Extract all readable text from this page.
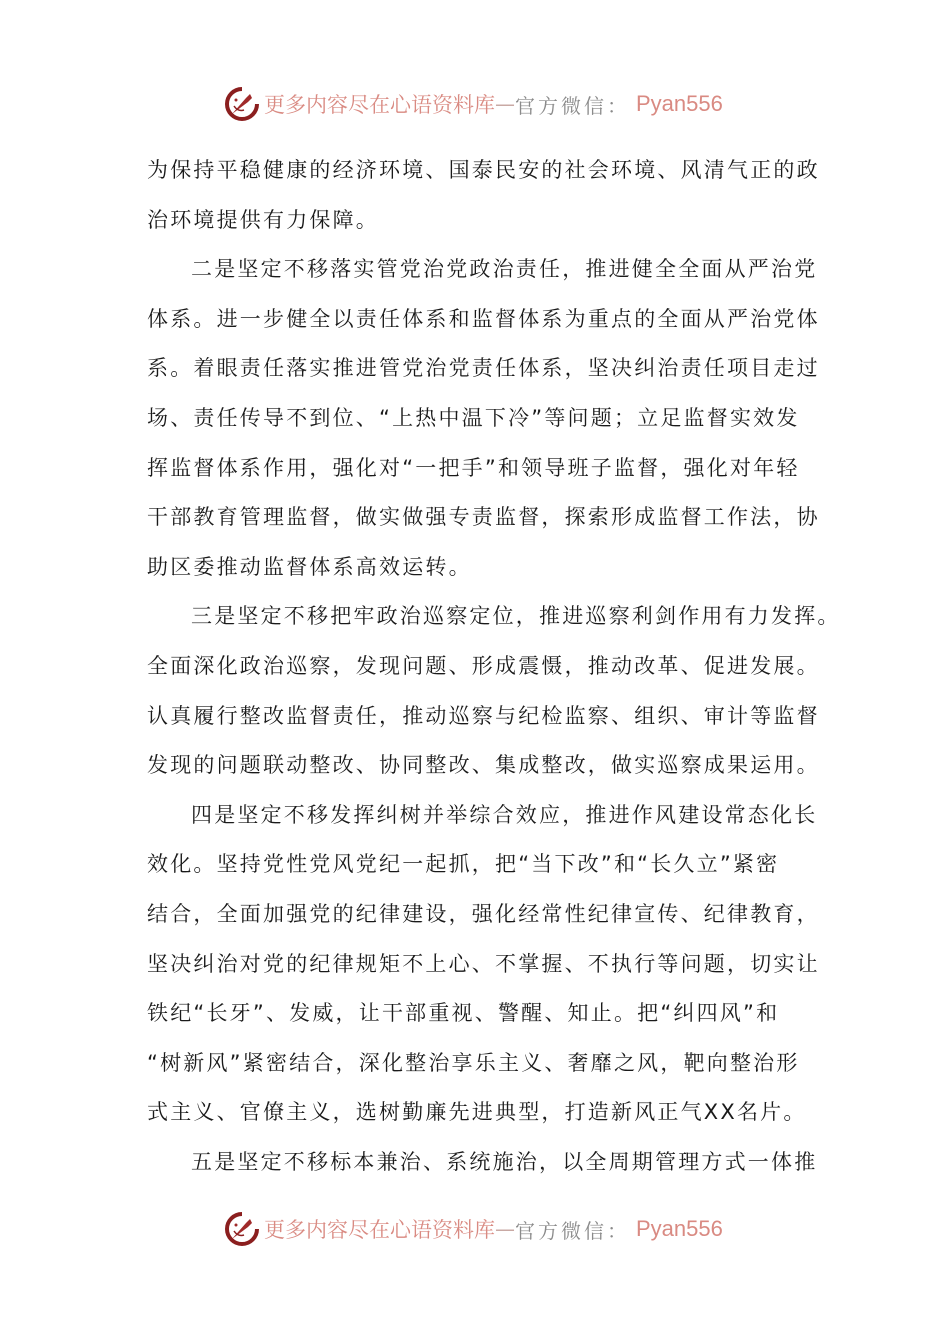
更多内容尽在心语资料库 — 官方微信： Pyan556
为保持平稳健康的经济环境、国泰民安的社会环境、风清气正的政
治环境提供有力保障。
二是坚定不移落实管党治党政治责任，推进健全全面从严治党
体系。进一步健全以责任体系和监督体系为重点的全面从严治党体
系。着眼责任落实推进管党治党责任体系，坚决纠治责任项目走过
场、责任传导不到位、“上热中温下冷”等问题；立足监督实效发
挥监督体系作用，强化对“一把手”和领导班子监督，强化对年轻
干部教育管理监督，做实做强专责监督，探索形成监督工作法，协
助区委推动监督体系高效运转。
三是坚定不移把牢政治巡察定位，推进巡察利剑作用有力发挥。
全面深化政治巡察，发现问题、形成震慑，推动改革、促进发展。
认真履行整改监督责任，推动巡察与纪检监察、组织、审计等监督
发现的问题联动整改、协同整改、集成整改，做实巡察成果运用。
四是坚定不移发挥纠树并举综合效应，推进作风建设常态化长
效化。坚持党性党风党纪一起抓，把“当下改”和“长久立”紧密
结合，全面加强党的纪律建设，强化经常性纪律宣传、纪律教育，
坚决纠治对党的纪律规矩不上心、不掌握、不执行等问题，切实让
铁纪“长牙”、发威，让干部重视、警醒、知止。把“纠四风”和
“树新风”紧密结合，深化整治享乐主义、奢靡之风，靶向整治形
式主义、官僚主义，选树勤廉先进典型，打造新风正气XX名片。
五是坚定不移标本兼治、系统施治，以全周期管理方式一体推
更多内容尽在心语资料库 — 官方微信： Pyan556
